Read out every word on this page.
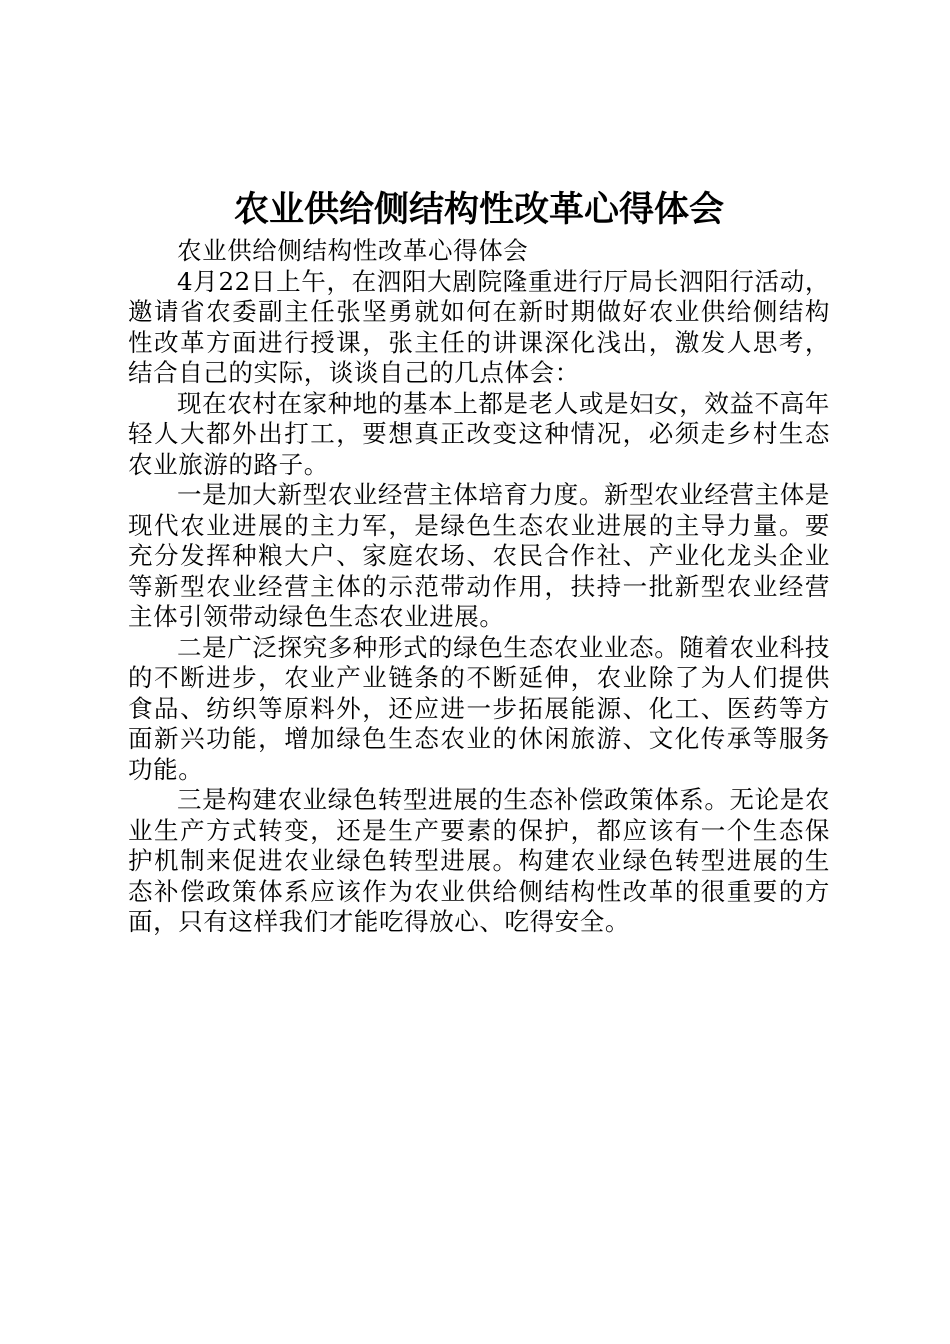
农业供给侧结构性改革心得体会

农业供给侧结构性改革心得体会

4月22日上午，在泗阳大剧院隆重进行厅局长泗阳行活动，邀请省农委副主任张坚勇就如何在新时期做好农业供给侧结构性改革方面进行授课，张主任的讲课深化浅出，激发人思考，结合自己的实际，谈谈自己的几点体会：

现在农村在家种地的基本上都是老人或是妇女，效益不高年轻人大都外出打工，要想真正改变这种情况，必须走乡村生态农业旅游的路子。

一是加大新型农业经营主体培育力度。新型农业经营主体是现代农业进展的主力军，是绿色生态农业进展的主导力量。要充分发挥种粮大户、家庭农场、农民合作社、产业化龙头企业等新型农业经营主体的示范带动作用，扶持一批新型农业经营主体引领带动绿色生态农业进展。

二是广泛探究多种形式的绿色生态农业业态。随着农业科技的不断进步，农业产业链条的不断延伸，农业除了为人们提供食品、纺织等原料外，还应进一步拓展能源、化工、医药等方面新兴功能，增加绿色生态农业的休闲旅游、文化传承等服务功能。

三是构建农业绿色转型进展的生态补偿政策体系。无论是农业生产方式转变，还是生产要素的保护，都应该有一个生态保护机制来促进农业绿色转型进展。构建农业绿色转型进展的生态补偿政策体系应该作为农业供给侧结构性改革的很重要的方面，只有这样我们才能吃得放心、吃得安全。
